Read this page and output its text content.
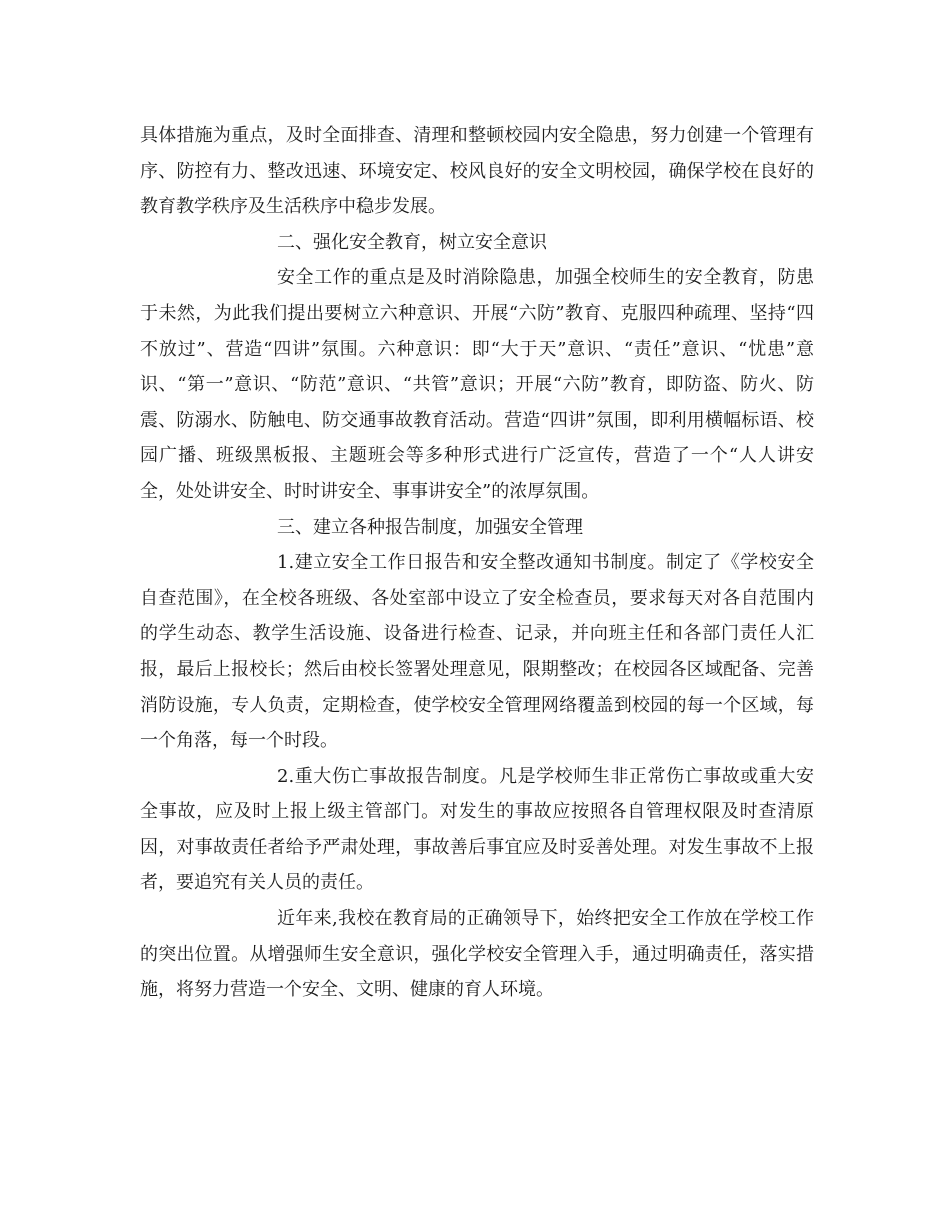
具体措施为重点，及时全面排查、清理和整顿校园内安全隐患，努力创建一个管理有序、防控有力、整改迅速、环境安定、校风良好的安全文明校园，确保学校在良好的教育教学秩序及生活秩序中稳步发展。

二、强化安全教育，树立安全意识

安全工作的重点是及时消除隐患，加强全校师生的安全教育，防患于未然，为此我们提出要树立六种意识、开展“六防”教育、克服四种疏理、坚持“四不放过”、营造“四讲”氛围。六种意识：即“大于天”意识、“责任”意识、“忧患”意识、“第一”意识、“防范”意识、“共管”意识；开展“六防”教育，即防盗、防火、防震、防溺水、防触电、防交通事故教育活动。营造“四讲”氛围，即利用横幅标语、校园广播、班级黑板报、主题班会等多种形式进行广泛宣传，营造了一个“人人讲安全，处处讲安全、时时讲安全、事事讲安全”的浓厚氛围。

三、建立各种报告制度，加强安全管理

1.建立安全工作日报告和安全整改通知书制度。制定了《学校安全自查范围》，在全校各班级、各处室部中设立了安全检查员，要求每天对各自范围内的学生动态、教学生活设施、设备进行检查、记录，并向班主任和各部门责任人汇报，最后上报校长；然后由校长签署处理意见，限期整改；在校园各区域配备、完善消防设施，专人负责，定期检查，使学校安全管理网络覆盖到校园的每一个区域，每一个角落，每一个时段。

2.重大伤亡事故报告制度。凡是学校师生非正常伤亡事故或重大安全事故，应及时上报上级主管部门。对发生的事故应按照各自管理权限及时查清原因，对事故责任者给予严肃处理，事故善后事宜应及时妥善处理。对发生事故不上报者，要追究有关人员的责任。

近年来,我校在教育局的正确领导下，始终把安全工作放在学校工作的突出位置。从增强师生安全意识，强化学校安全管理入手，通过明确责任，落实措施，将努力营造一个安全、文明、健康的育人环境。
